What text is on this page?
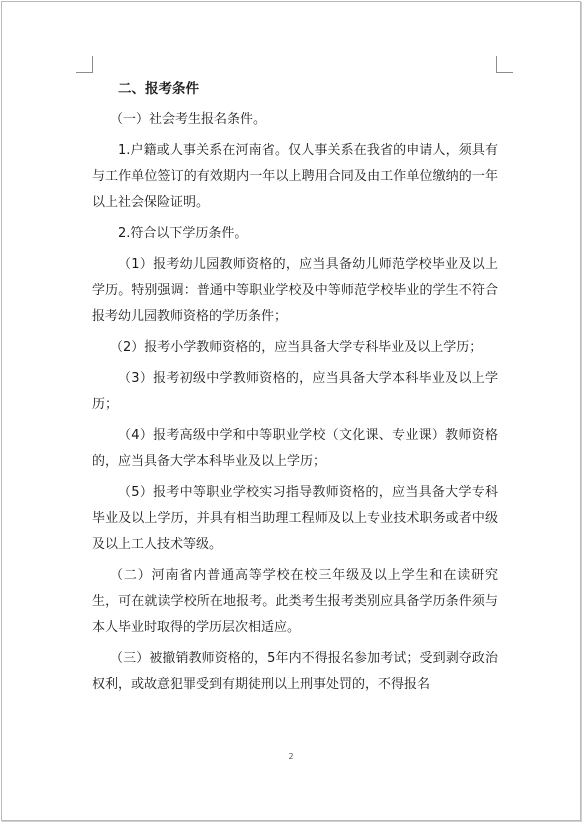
二、报考条件

（一）社会考生报名条件。

1.户籍或人事关系在河南省。仅人事关系在我省的申请人，须具有与工作单位签订的有效期内一年以上聘用合同及由工作单位缴纳的一年以上社会保险证明。

2.符合以下学历条件。

（1）报考幼儿园教师资格的，应当具备幼儿师范学校毕业及以上学历。特别强调：普通中等职业学校及中等师范学校毕业的学生不符合报考幼儿园教师资格的学历条件；

（2）报考小学教师资格的，应当具备大学专科毕业及以上学历；

（3）报考初级中学教师资格的，应当具备大学本科毕业及以上学历；

（4）报考高级中学和中等职业学校（文化课、专业课）教师资格的，应当具备大学本科毕业及以上学历；

（5）报考中等职业学校实习指导教师资格的，应当具备大学专科毕业及以上学历，并具有相当助理工程师及以上专业技术职务或者中级及以上工人技术等级。

（二）河南省内普通高等学校在校三年级及以上学生和在读研究生，可在就读学校所在地报考。此类考生报考类别应具备学历条件须与本人毕业时取得的学历层次相适应。

（三）被撤销教师资格的，5年内不得报名参加考试；受到剥夺政治权利，或故意犯罪受到有期徒刑以上刑事处罚的，不得报名

2
